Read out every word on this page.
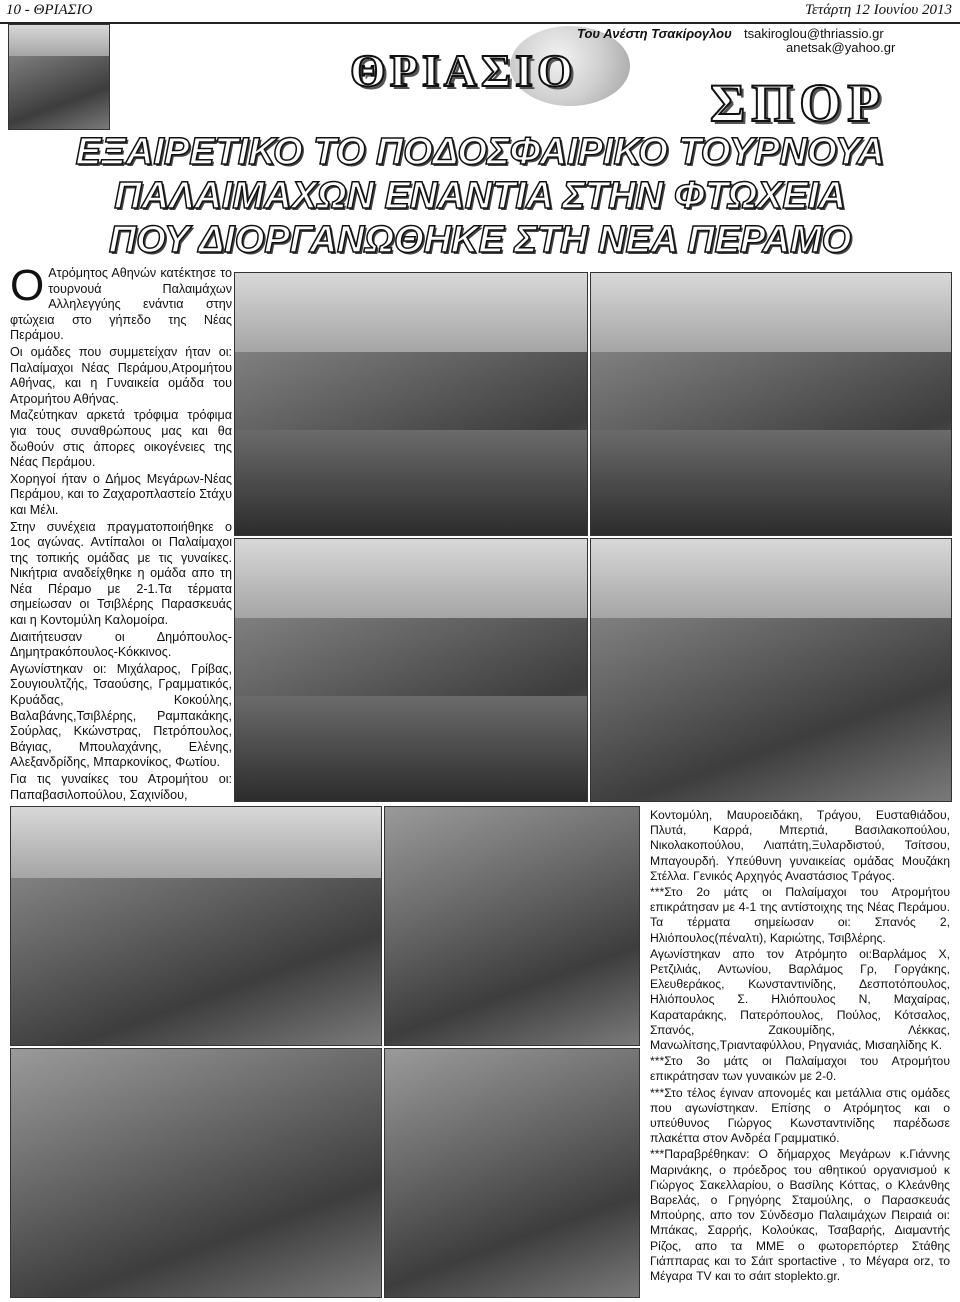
10 - ΘΡΙΑΣΙΟ	Τετάρτη 12 Ιουνίου 2013
Του Ανέστη Τσακίρογλου tsakiroglou@thriassio.gr
anetsak@yahoo.gr
ΘΡΙΑΣΙΟ
ΣΠΟΡ
ΕΞΑΙΡΕΤΙΚΟ ΤΟ ΠΟΔΟΣΦΑΙΡΙΚΟ ΤΟΥΡΝΟΥΑ
ΠΑΛΑΙΜΑΧΩΝ ΕΝΑΝΤΙΑ ΣΤΗΝ ΦΤΩΧΕΙΑ
ΠΟΥ ΔΙΟΡΓΑΝΩΘΗΚΕ ΣΤΗ ΝΕΑ ΠΕΡΑΜΟ

Ο Ατρόμητος Αθηνών κατέκτησε το τουρνουά Παλαιμάχων Αλληλεγγύης ενάντια στην φτώχεια στο γήπεδο της Νέας Περάμου.

Οι ομάδες που συμμετείχαν ήταν οι: Παλαίμαχοι Νέας Περάμου,Ατρομήτου Αθήνας, και η Γυναικεία ομάδα του Ατρομήτου Αθήνας.

Μαζεύτηκαν αρκετά τρόφιμα τρόφιμα για τους συναθρώπους μας και θα δωθούν στις άπορες οικογένειες της Νέας Περάμου.

Χορηγοί ήταν ο Δήμος Μεγάρων-Νέας Περάμου, και το Ζαχαροπλαστείο Στάχυ και Μέλι.

Στην συνέχεια πραγματοποιήθηκε ο 1ος αγώνας. Αντίπαλοι οι Παλαίμαχοι της τοπικής ομάδας με τις γυναίκες. Νικήτρια αναδείχθηκε η ομάδα απο τη Νέα Πέραμο με 2-1.Τα τέρματα σημείωσαν οι Τσιβλέρης Παρασκευάς και η Κοντομύλη Καλομοίρα.

Διαιτήτευσαν οι Δημόπουλος-Δημητρακόπουλος-Κόκκινος.

Αγωνίστηκαν οι: Μιχάλαρος, Γρίβας, Σουγιουλτζής, Τσαούσης, Γραμματικός, Κρυάδας, Κοκούλης, Βαλαβάνης,Τσιβλέρης, Ραμπακάκης, Σούρλας, Κκώνστρας, Πετρόπουλος, Βάγιας, Μπουλαχάνης, Ελένης, Αλεξανδρίδης, Μπαρκονίκος, Φωτίου.

Για τις γυναίκες του Ατρομήτου οι: Παπαβασιλοπούλου, Σαχινίδου,

Κοντομύλη, Μαυροειδάκη, Τράγου, Ευσταθιάδου, Πλυτά, Καρρά, Μπερτιά, Βασιλακοπούλου, Νικολακοπούλου, Λιαπάτη,Ξυλαρδιστού, Τσίτσου, Μπαγουρδή. Υπεύθυνη γυναικείας ομάδας Μουζάκη Στέλλα. Γενικός Αρχηγός Αναστάσιος Τράγος.

***Στο 2ο μάτς οι Παλαίμαχοι του Ατρομήτου επικράτησαν με 4-1 της αντίστοιχης της Νέας Περάμου. Τα τέρματα σημείωσαν οι: Σπανός 2, Ηλιόπουλος(πέναλτι), Καριώτης, Τσιβλέρης.

Αγωνίστηκαν απο τον Ατρόμητο οι:Βαρλάμος Χ, Ρετζιλιάς, Αντωνίου, Βαρλάμος Γρ, Γοργάκης, Ελευθεράκος, Κωνσταντινίδης, Δεσποτόπουλος, Ηλιόπουλος Σ. Ηλιόπουλος Ν, Μαχαίρας, Καραταράκης, Πατερόπουλος, Πούλος, Κότσαλος, Σπανός, Ζακουμίδης, Λέκκας, Μανωλίτσης,Τριανταφύλλου, Ρηγανιάς, Μισαηλίδης Κ.

***Στο 3ο μάτς οι Παλαίμαχοι του Ατρομήτου επικράτησαν των γυναικών με 2-0.

***Στο τέλος έγιναν απονομές και μετάλλια στις ομάδες που αγωνίστηκαν. Επίσης ο Ατρόμητος και ο υπεύθυνος Γιώργος Κωνσταντινίδης παρέδωσε πλακέττα στον Ανδρέα Γραμματικό.

***Παραβρέθηκαν: Ο δήμαρχος Μεγάρων κ.Γιάννης Μαρινάκης, ο πρόεδρος του αθητικού οργανισμού κ Γιώργος Σακελλαρίου, ο Βασίλης Κόττας, ο Κλεάνθης Βαρελάς, ο Γρηγόρης Σταμούλης, ο Παρασκευάς Μπούρης, απο τον Σύνδεσμο Παλαιμάχων Πειραιά οι: Μπάκας, Σαρρής, Κολούκας, Τσαβαρής, Διαμαντής Ρίζος, απο τα ΜΜΕ ο φωτορεπόρτερ Στάθης Γιάππαρας και το Σάιτ sportactive , το Μέγαρα orz, το Μέγαρα TV και το σάιτ stoplekto.gr.
